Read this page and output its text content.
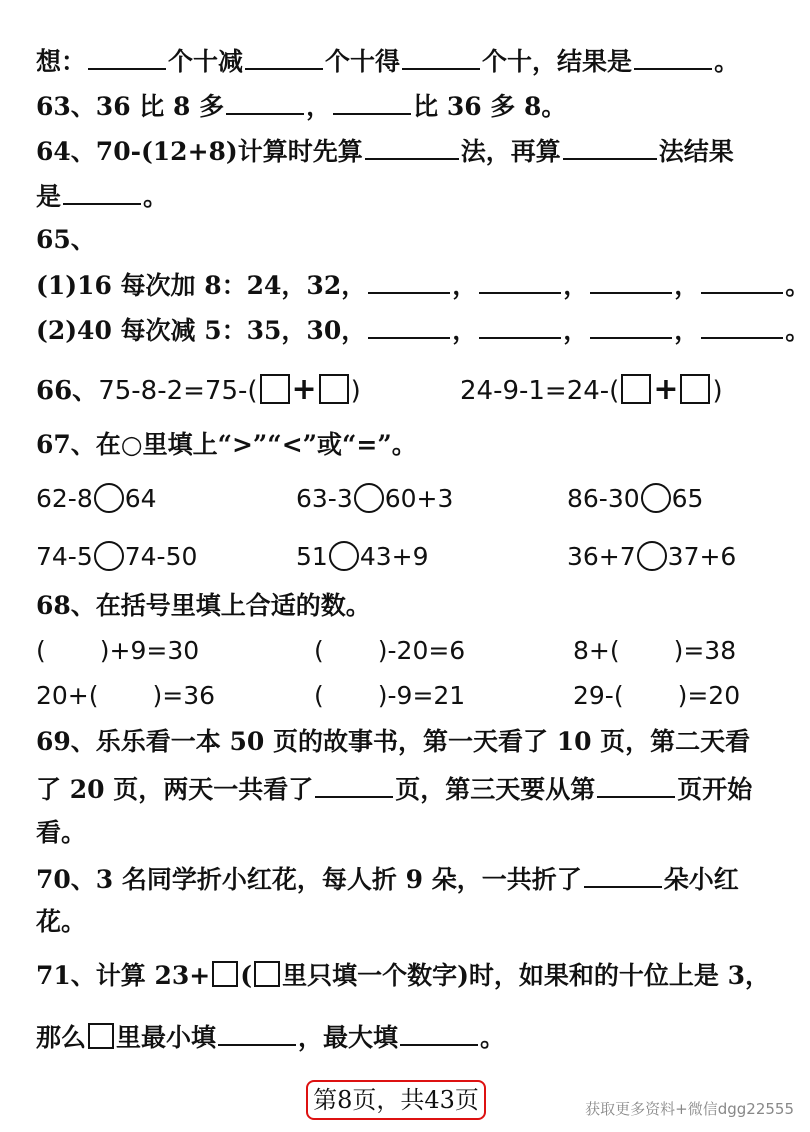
想：	个十减	个十得	个十，结果是	。
63、36 比 8 多	，	比 36 多 8。
64、70-(12+8)计算时先算	法，再算	法结果
是	。
65、
(1)16 每次加 8：24，32，	，	，	，	。
(2)40 每次减 5：35，30，	，	，	，	。
66、75-8-2=75-( + )	24-9-1=24-( + )
67、在○里填上“>”“<”或“=”。
62-8 64	63-3 60+3	86-30 65
74-5 74-50	51 43+9	36+7 37+6
68、在括号里填上合适的数。
( )+9=30	( )-20=6	8+( )=38
20+( )=36	( )-9=21	29-( )=20
69、乐乐看一本 50 页的故事书，第一天看了 10 页，第二天看
了 20 页，两天一共看了	页，第三天要从第	页开始
看。
70、3 名同学折小红花，每人折 9 朵，一共折了	朵小红
花。
71、计算 23+ ( 里只填一个数字)时，如果和的十位上是 3，
那么 里最小填	，最大填	。
第8页，共43页	获取更多资料+微信dgg22555
